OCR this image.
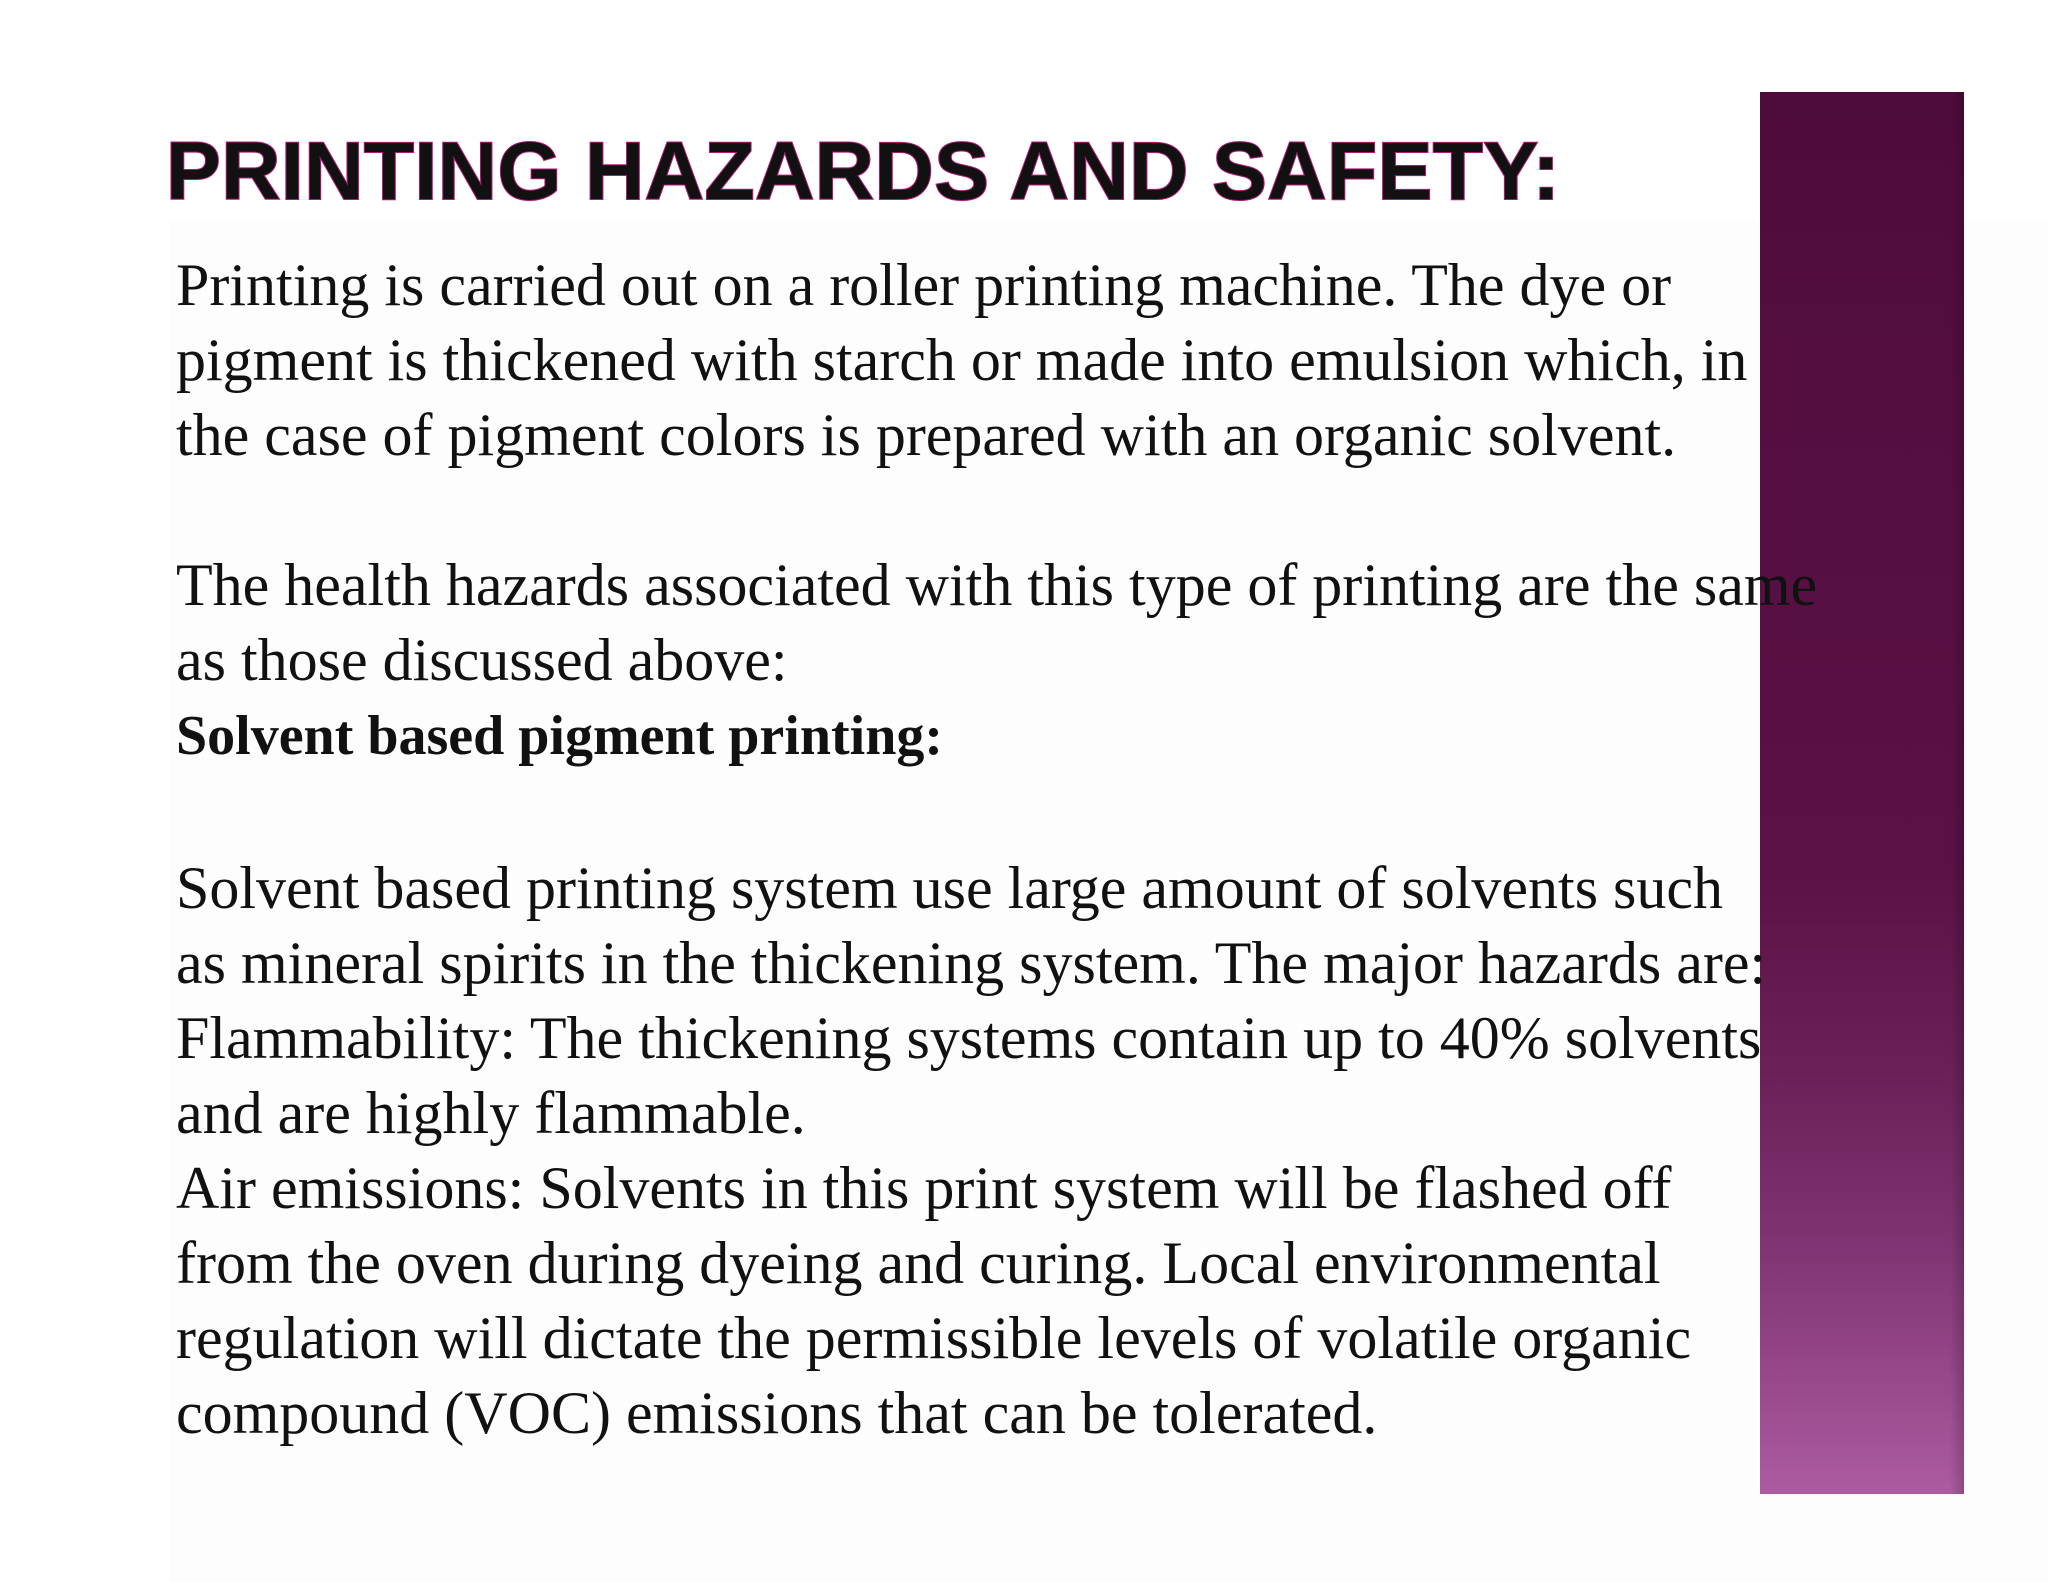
PRINTING HAZARDS AND SAFETY:
Printing is carried out on a roller printing machine. The dye or
pigment is thickened with starch or made into emulsion which, in
the case of pigment colors is prepared with an organic solvent.
The health hazards associated with this type of printing are the same
as those discussed above:
Solvent based pigment printing:
Solvent based printing system use large amount of solvents such
as mineral spirits in the thickening system. The major hazards are:
Flammability: The thickening systems contain up to 40% solvents
and are highly flammable.
Air emissions: Solvents in this print system will be flashed off
from the oven during dyeing and curing. Local environmental
regulation will dictate the permissible levels of volatile organic
compound (VOC) emissions that can be tolerated.
